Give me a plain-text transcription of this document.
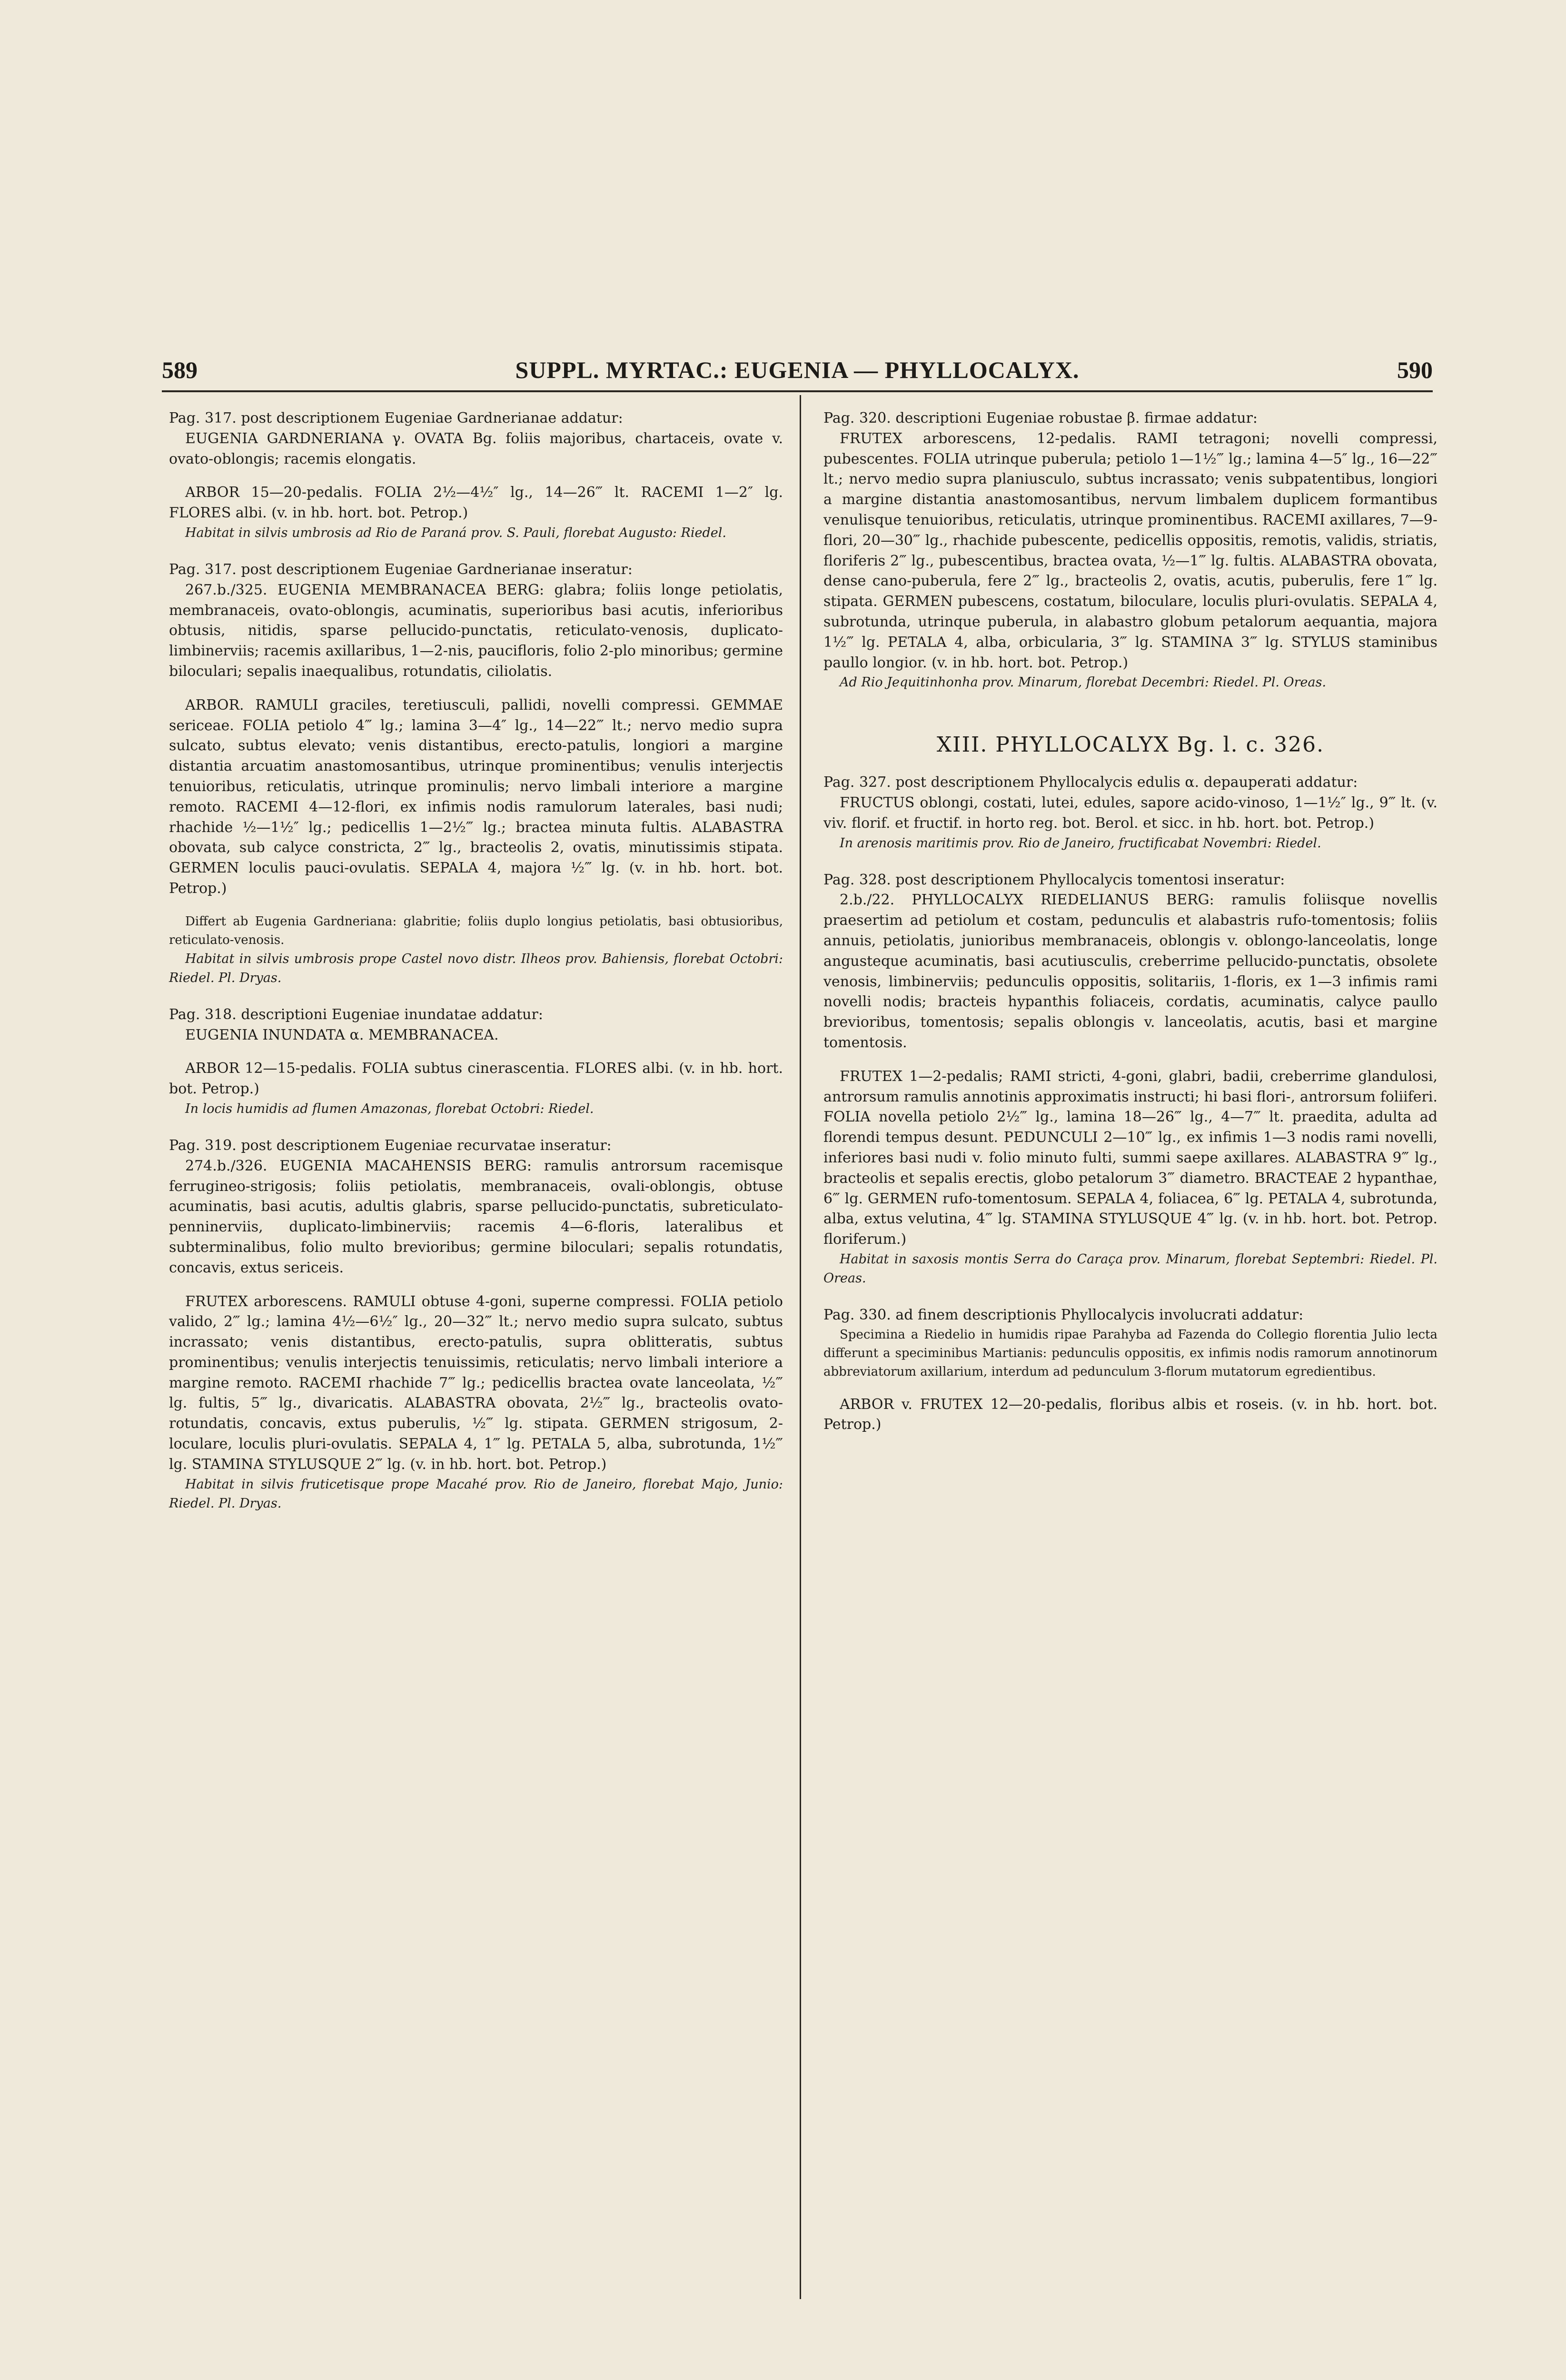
589	SUPPL. MYRTAC.: EUGENIA — PHYLLOCALYX.	590

Pag. 317. post descriptionem Eugeniae Gardnerianae addatur:

EUGENIA GARDNERIANA γ. OVATA Bg. foliis majoribus, chartaceis, ovate v. ovato-oblongis; racemis elongatis.

ARBOR 15—20-pedalis. FOLIA 2½—4½″ lg., 14—26‴ lt. RACEMI 1—2″ lg. FLORES albi. (v. in hb. hort. bot. Petrop.)

Habitat in silvis umbrosis ad Rio de Paraná prov. S. Pauli, florebat Augusto: Riedel.

Pag. 317. post descriptionem Eugeniae Gardnerianae inseratur:

267.b./325. EUGENIA MEMBRANACEA BERG: glabra; foliis longe petiolatis, membranaceis, ovato-oblongis, acuminatis, superioribus basi acutis, inferioribus obtusis, nitidis, sparse pellucido-punctatis, reticulato-venosis, duplicato-limbinerviis; racemis axillaribus, 1—2-nis, paucifloris, folio 2-plo minoribus; germine biloculari; sepalis inaequalibus, rotundatis, ciliolatis.

ARBOR. RAMULI graciles, teretiusculi, pallidi, novelli compressi. GEMMAE sericeae. FOLIA petiolo 4‴ lg.; lamina 3—4″ lg., 14—22‴ lt.; nervo medio supra sulcato, subtus elevato; venis distantibus, erecto-patulis, longiori a margine distantia arcuatim anastomosantibus, utrinque prominentibus; venulis interjectis tenuioribus, reticulatis, utrinque prominulis; nervo limbali interiore a margine remoto. RACEMI 4—12-flori, ex infimis nodis ramulorum laterales, basi nudi; rhachide ½—1½″ lg.; pedicellis 1—2½‴ lg.; bractea minuta fultis. ALABASTRA obovata, sub calyce constricta, 2‴ lg., bracteolis 2, ovatis, minutissimis stipata. GERMEN loculis pauci-ovulatis. SEPALA 4, majora ½‴ lg. (v. in hb. hort. bot. Petrop.)

Differt ab Eugenia Gardneriana: glabritie; foliis duplo longius petiolatis, basi obtusioribus, reticulato-venosis.

Habitat in silvis umbrosis prope Castel novo distr. Ilheos prov. Bahiensis, florebat Octobri: Riedel. Pl. Dryas.

Pag. 318. descriptioni Eugeniae inundatae addatur:

EUGENIA INUNDATA α. MEMBRANACEA.

ARBOR 12—15-pedalis. FOLIA subtus cinerascentia. FLORES albi. (v. in hb. hort. bot. Petrop.)

In locis humidis ad flumen Amazonas, florebat Octobri: Riedel.

Pag. 319. post descriptionem Eugeniae recurvatae inseratur:

274.b./326. EUGENIA MACAHENSIS BERG: ramulis antrorsum racemisque ferrugineo-strigosis; foliis petiolatis, membranaceis, ovali-oblongis, obtuse acuminatis, basi acutis, adultis glabris, sparse pellucido-punctatis, subreticulato-penninerviis, duplicato-limbinerviis; racemis 4—6-floris, lateralibus et subterminalibus, folio multo brevioribus; germine biloculari; sepalis rotundatis, concavis, extus sericeis.

FRUTEX arborescens. RAMULI obtuse 4-goni, superne compressi. FOLIA petiolo valido, 2‴ lg.; lamina 4½—6½″ lg., 20—32‴ lt.; nervo medio supra sulcato, subtus incrassato; venis distantibus, erecto-patulis, supra oblitteratis, subtus prominentibus; venulis interjectis tenuissimis, reticulatis; nervo limbali interiore a margine remoto. RACEMI rhachide 7‴ lg.; pedicellis bractea ovate lanceolata, ½‴ lg. fultis, 5‴ lg., divaricatis. ALABASTRA obovata, 2½‴ lg., bracteolis ovato-rotundatis, concavis, extus puberulis, ½‴ lg. stipata. GERMEN strigosum, 2-loculare, loculis pluri-ovulatis. SEPALA 4, 1‴ lg. PETALA 5, alba, subrotunda, 1½‴ lg. STAMINA STYLUSQUE 2‴ lg. (v. in hb. hort. bot. Petrop.)

Habitat in silvis fruticetisque prope Macahé prov. Rio de Janeiro, florebat Majo, Junio: Riedel. Pl. Dryas.

Pag. 320. descriptioni Eugeniae robustae β. firmae addatur:

FRUTEX arborescens, 12-pedalis. RAMI tetragoni; novelli compressi, pubescentes. FOLIA utrinque puberula; petiolo 1—1½‴ lg.; lamina 4—5″ lg., 16—22‴ lt.; nervo medio supra planiusculo, subtus incrassato; venis subpatentibus, longiori a margine distantia anastomosantibus, nervum limbalem duplicem formantibus venulisque tenuioribus, reticulatis, utrinque prominentibus. RACEMI axillares, 7—9-flori, 20—30‴ lg., rhachide pubescente, pedicellis oppositis, remotis, validis, striatis, floriferis 2‴ lg., pubescentibus, bractea ovata, ½—1‴ lg. fultis. ALABASTRA obovata, dense cano-puberula, fere 2‴ lg., bracteolis 2, ovatis, acutis, puberulis, fere 1‴ lg. stipata. GERMEN pubescens, costatum, biloculare, loculis pluri-ovulatis. SEPALA 4, subrotunda, utrinque puberula, in alabastro globum petalorum aequantia, majora 1½‴ lg. PETALA 4, alba, orbicularia, 3‴ lg. STAMINA 3‴ lg. STYLUS staminibus paullo longior. (v. in hb. hort. bot. Petrop.)

Ad Rio Jequitinhonha prov. Minarum, florebat Decembri: Riedel. Pl. Oreas.

XIII. PHYLLOCALYX Bg. l. c. 326.

Pag. 327. post descriptionem Phyllocalycis edulis α. depauperati addatur:

FRUCTUS oblongi, costati, lutei, edules, sapore acido-vinoso, 1—1½″ lg., 9‴ lt. (v. viv. florif. et fructif. in horto reg. bot. Berol. et sicc. in hb. hort. bot. Petrop.)

In arenosis maritimis prov. Rio de Janeiro, fructificabat Novembri: Riedel.

Pag. 328. post descriptionem Phyllocalycis tomentosi inseratur:

2.b./22. PHYLLOCALYX RIEDELIANUS BERG: ramulis foliisque novellis praesertim ad petiolum et costam, pedunculis et alabastris rufo-tomentosis; foliis annuis, petiolatis, junioribus membranaceis, oblongis v. oblongo-lanceolatis, longe angusteque acuminatis, basi acutiusculis, creberrime pellucido-punctatis, obsolete venosis, limbinerviis; pedunculis oppositis, solitariis, 1-floris, ex 1—3 infimis rami novelli nodis; bracteis hypanthis foliaceis, cordatis, acuminatis, calyce paullo brevioribus, tomentosis; sepalis oblongis v. lanceolatis, acutis, basi et margine tomentosis.

FRUTEX 1—2-pedalis; RAMI stricti, 4-goni, glabri, badii, creberrime glandulosi, antrorsum ramulis annotinis approximatis instructi; hi basi flori-, antrorsum foliiferi. FOLIA novella petiolo 2½‴ lg., lamina 18—26‴ lg., 4—7‴ lt. praedita, adulta ad florendi tempus desunt. PEDUNCULI 2—10‴ lg., ex infimis 1—3 nodis rami novelli, inferiores basi nudi v. folio minuto fulti, summi saepe axillares. ALABASTRA 9‴ lg., bracteolis et sepalis erectis, globo petalorum 3‴ diametro. BRACTEAE 2 hypanthae, 6‴ lg. GERMEN rufo-tomentosum. SEPALA 4, foliacea, 6‴ lg. PETALA 4, subrotunda, alba, extus velutina, 4‴ lg. STAMINA STYLUSQUE 4‴ lg. (v. in hb. hort. bot. Petrop. floriferum.)

Habitat in saxosis montis Serra do Caraça prov. Minarum, florebat Septembri: Riedel. Pl. Oreas.

Pag. 330. ad finem descriptionis Phyllocalycis involucrati addatur:

Specimina a Riedelio in humidis ripae Parahyba ad Fazenda do Collegio florentia Julio lecta differunt a speciminibus Martianis: pedunculis oppositis, ex infimis nodis ramorum annotinorum abbreviatorum axillarium, interdum ad pedunculum 3-florum mutatorum egredientibus.

ARBOR v. FRUTEX 12—20-pedalis, floribus albis et roseis. (v. in hb. hort. bot. Petrop.)
